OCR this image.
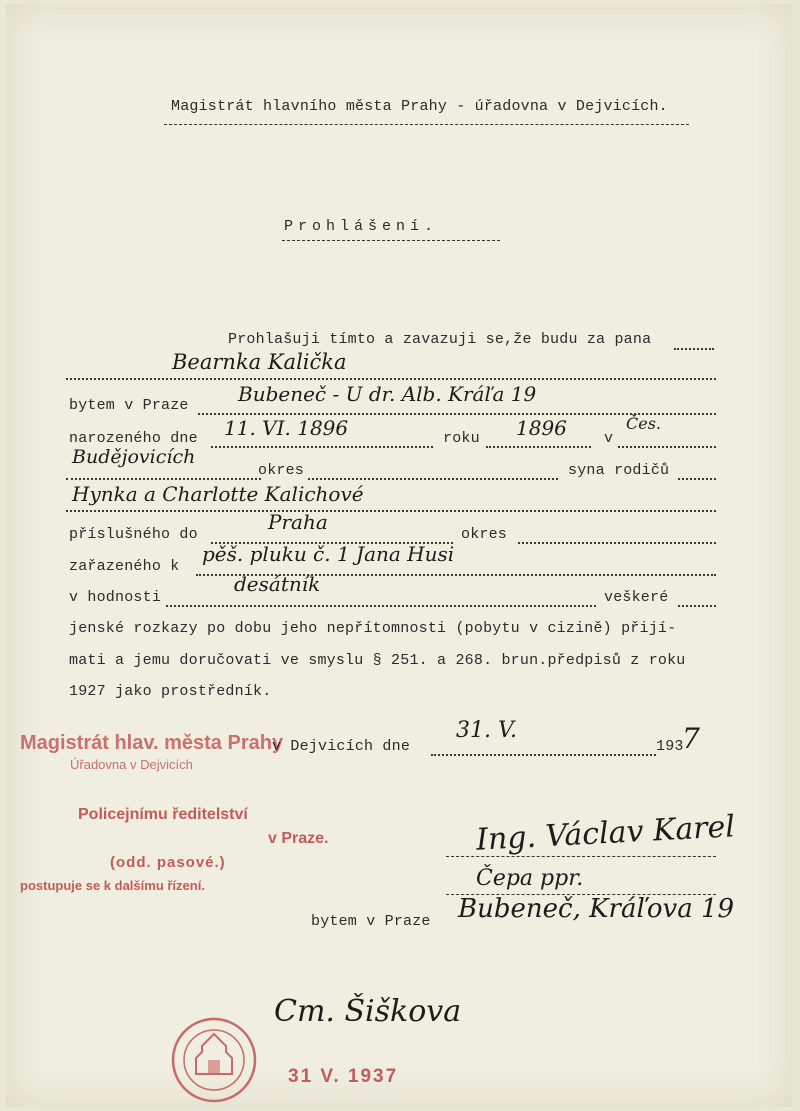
Magistrát hlavního města Prahy - úřadovna v Dejvicích.
Prohlášení.
Prohlašuji tímto a zavazuji se,že budu za pana
Bearnka Kalička
bytem v Praze Bubeneč - U dr. Alb. Kráľa 19
narozeného dne 11. VI. 1896	roku 1896 v
Čes.
Budějovicích
okres	syna rodičů
Hynka a Charlotte Kalichové
příslušného do
Praha
okres
zařazeného k
pěš. pluku č. 1 Jana Husi
v hodnosti
desátník
veškeré
jenské rozkazy po dobu jeho nepřítomnosti (pobytu v cizině) přijí-
mati a jemu doručovati ve smyslu § 251. a 268. brun.předpisů z roku
1927 jako prostředník.
Magistrát hlav. města Prahy
Úřadovna v Dejvicích
v Dejvicích dne
31. V.
193
7
Policejnímu ředitelství
v Praze.
(odd. pasové.)
postupuje se k dalšímu řízení.
Ing. Václav Karel
Čepa ppr.
bytem v Praze Bubeneč, Kráľova 19
Cm. Šiškova
31 V. 1937
